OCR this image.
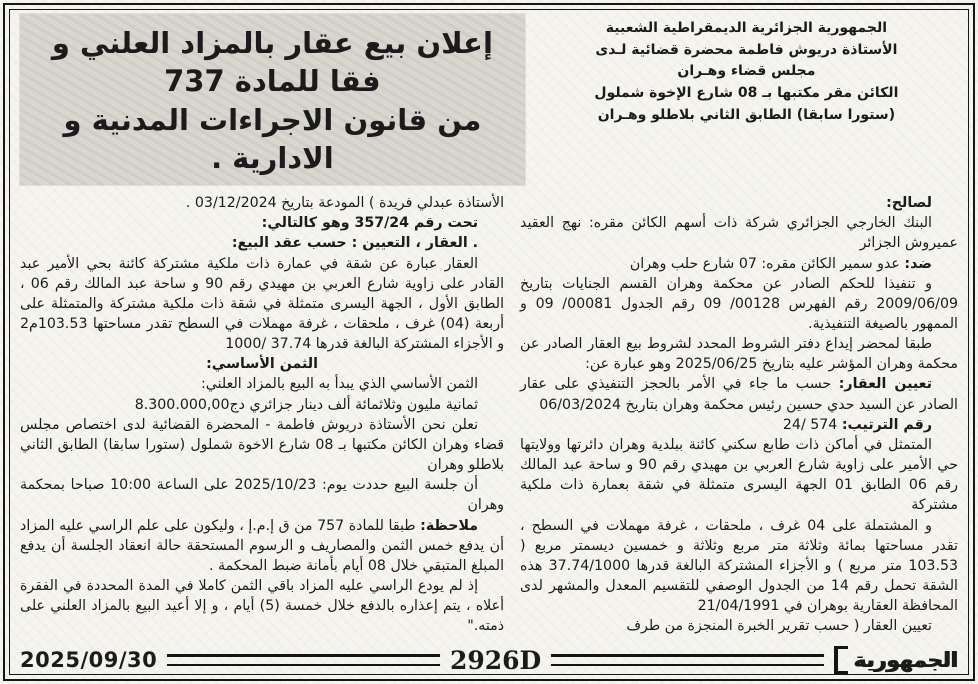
الجمهورية الجزائرية الديمقراطية الشعبية
الأستاذة دريوش فاطمة محضرة قضائية لـدى
مجلس قضاء وهـران
الكائن مقر مكتبها بـ 08 شارع الإخوة شملول
(ستورا سابقا) الطابق الثاني بلاطلو وهـران
إعلان بيع عقار بالمزاد العلني و فقا للمادة 737
من قانون الاجراءات المدنية و الادارية .

لصالح:

البنك الخارجي الجزائري شركة ذات أسهم الكائن مقره: نهج العقيد عميروش الجزائر

ضد: عدو سمير الكائن مقره: 07 شارع حلب وهران

و تنفيذا للحكم الصادر عن محكمة وهران القسم الجنايات بتاريخ 2009/06/09 رقم الفهرس 00128/ 09 رقم الجدول 00081/ 09 و الممهور بالصيغة التنفيذية.

طبقا لمحضر إيداع دفتر الشروط المحدد لشروط بيع العقار الصادر عن محكمة وهران المؤشر عليه بتاريخ 2025/06/25 وهو عبارة عن:

تعيين العقار: حسب ما جاء في الأمر بالحجز التنفيذي على عقار الصادر عن السيد حدي حسين رئيس محكمة وهران بتاريخ 06/03/2024

رقم الترتيب: 574 /24

المتمثل في أماكن ذات طابع سكني كائنة ببلدية وهران دائرتها وولايتها حي الأمير على زاوية شارع العربي بن مهيدي رقم 90 و ساحة عبد المالك رقم 06 الطابق 01 الجهة اليسرى متمثلة في شقة بعمارة ذات ملكية مشتركة

و المشتملة على 04 غرف ، ملحقات ، غرفة مهملات في السطح ، تقدر مساحتها بمائة وثلاثة متر مربع وثلاثة و خمسين ديسمتر مربع ( 103.53 متر مربع ) و الأجزاء المشتركة البالغة قدرها 37.74/1000 هذه الشقة تحمل رقم 14 من الجدول الوصفي للتقسيم المعدل والمشهر لدى المحافظة العقارية بوهران في 21/04/1991

تعيين العقار ( حسب تقرير الخبرة المنجزة من طرف

الأستاذة عبدلي فريدة ) المودعة بتاريخ 03/12/2024 .

تحت رقم 357/24 وهو كالتالي:

. العقار ، التعيين : حسب عقد البيع:

العقار عبارة عن شقة في عمارة ذات ملكية مشتركة كائنة بحي الأمير عبد القادر على زاوية شارع العربي بن مهيدي رقم 90 و ساحة عبد المالك رقم 06 ، الطابق الأول ، الجهة اليسرى متمثلة في شقة ذات ملكية مشتركة والمتمثلة على أربعة (04) غرف ، ملحقات ، غرفة مهملات في السطح تقدر مساحتها 103.53م2 و الأجزاء المشتركة البالغة قدرها 37.74 /1000

الثمن الأساسي:

الثمن الأساسي الذي يبدأ به البيع بالمزاد العلني:

ثمانية مليون وثلاثمائة ألف دينار جزائري دج8.300.000,00

نعلن نحن الأستاذة دريوش فاطمة - المحضرة القضائية لدى اختصاص مجلس قضاء وهران الكائن مكتبها بـ 08 شارع الاخوة شملول (ستورا سابقا) الطابق الثاني بلاطلو وهران

أن جلسة البيع حددت يوم: 2025/10/23 على الساعة 10:00 صباحا بمحكمة وهران

ملاحظة: طبقا للمادة 757 من ق إ.م.إ ، وليكون على علم الراسي عليه المزاد أن يدفع خمس الثمن والمصاريف و الرسوم المستحقة حالة انعقاد الجلسة أن يدفع المبلغ المتبقي خلال 08 أيام بأمانة ضبط المحكمة .

إذ لم يودع الراسي عليه المزاد باقي الثمن كاملا في المدة المحددة في الفقرة أعلاه ، يتم إعذاره بالدفع خلال خمسة (5) أيام ، و إلا أعيد البيع بالمزاد العلني على ذمته."

2025/09/30	2926D	الجمهورية
